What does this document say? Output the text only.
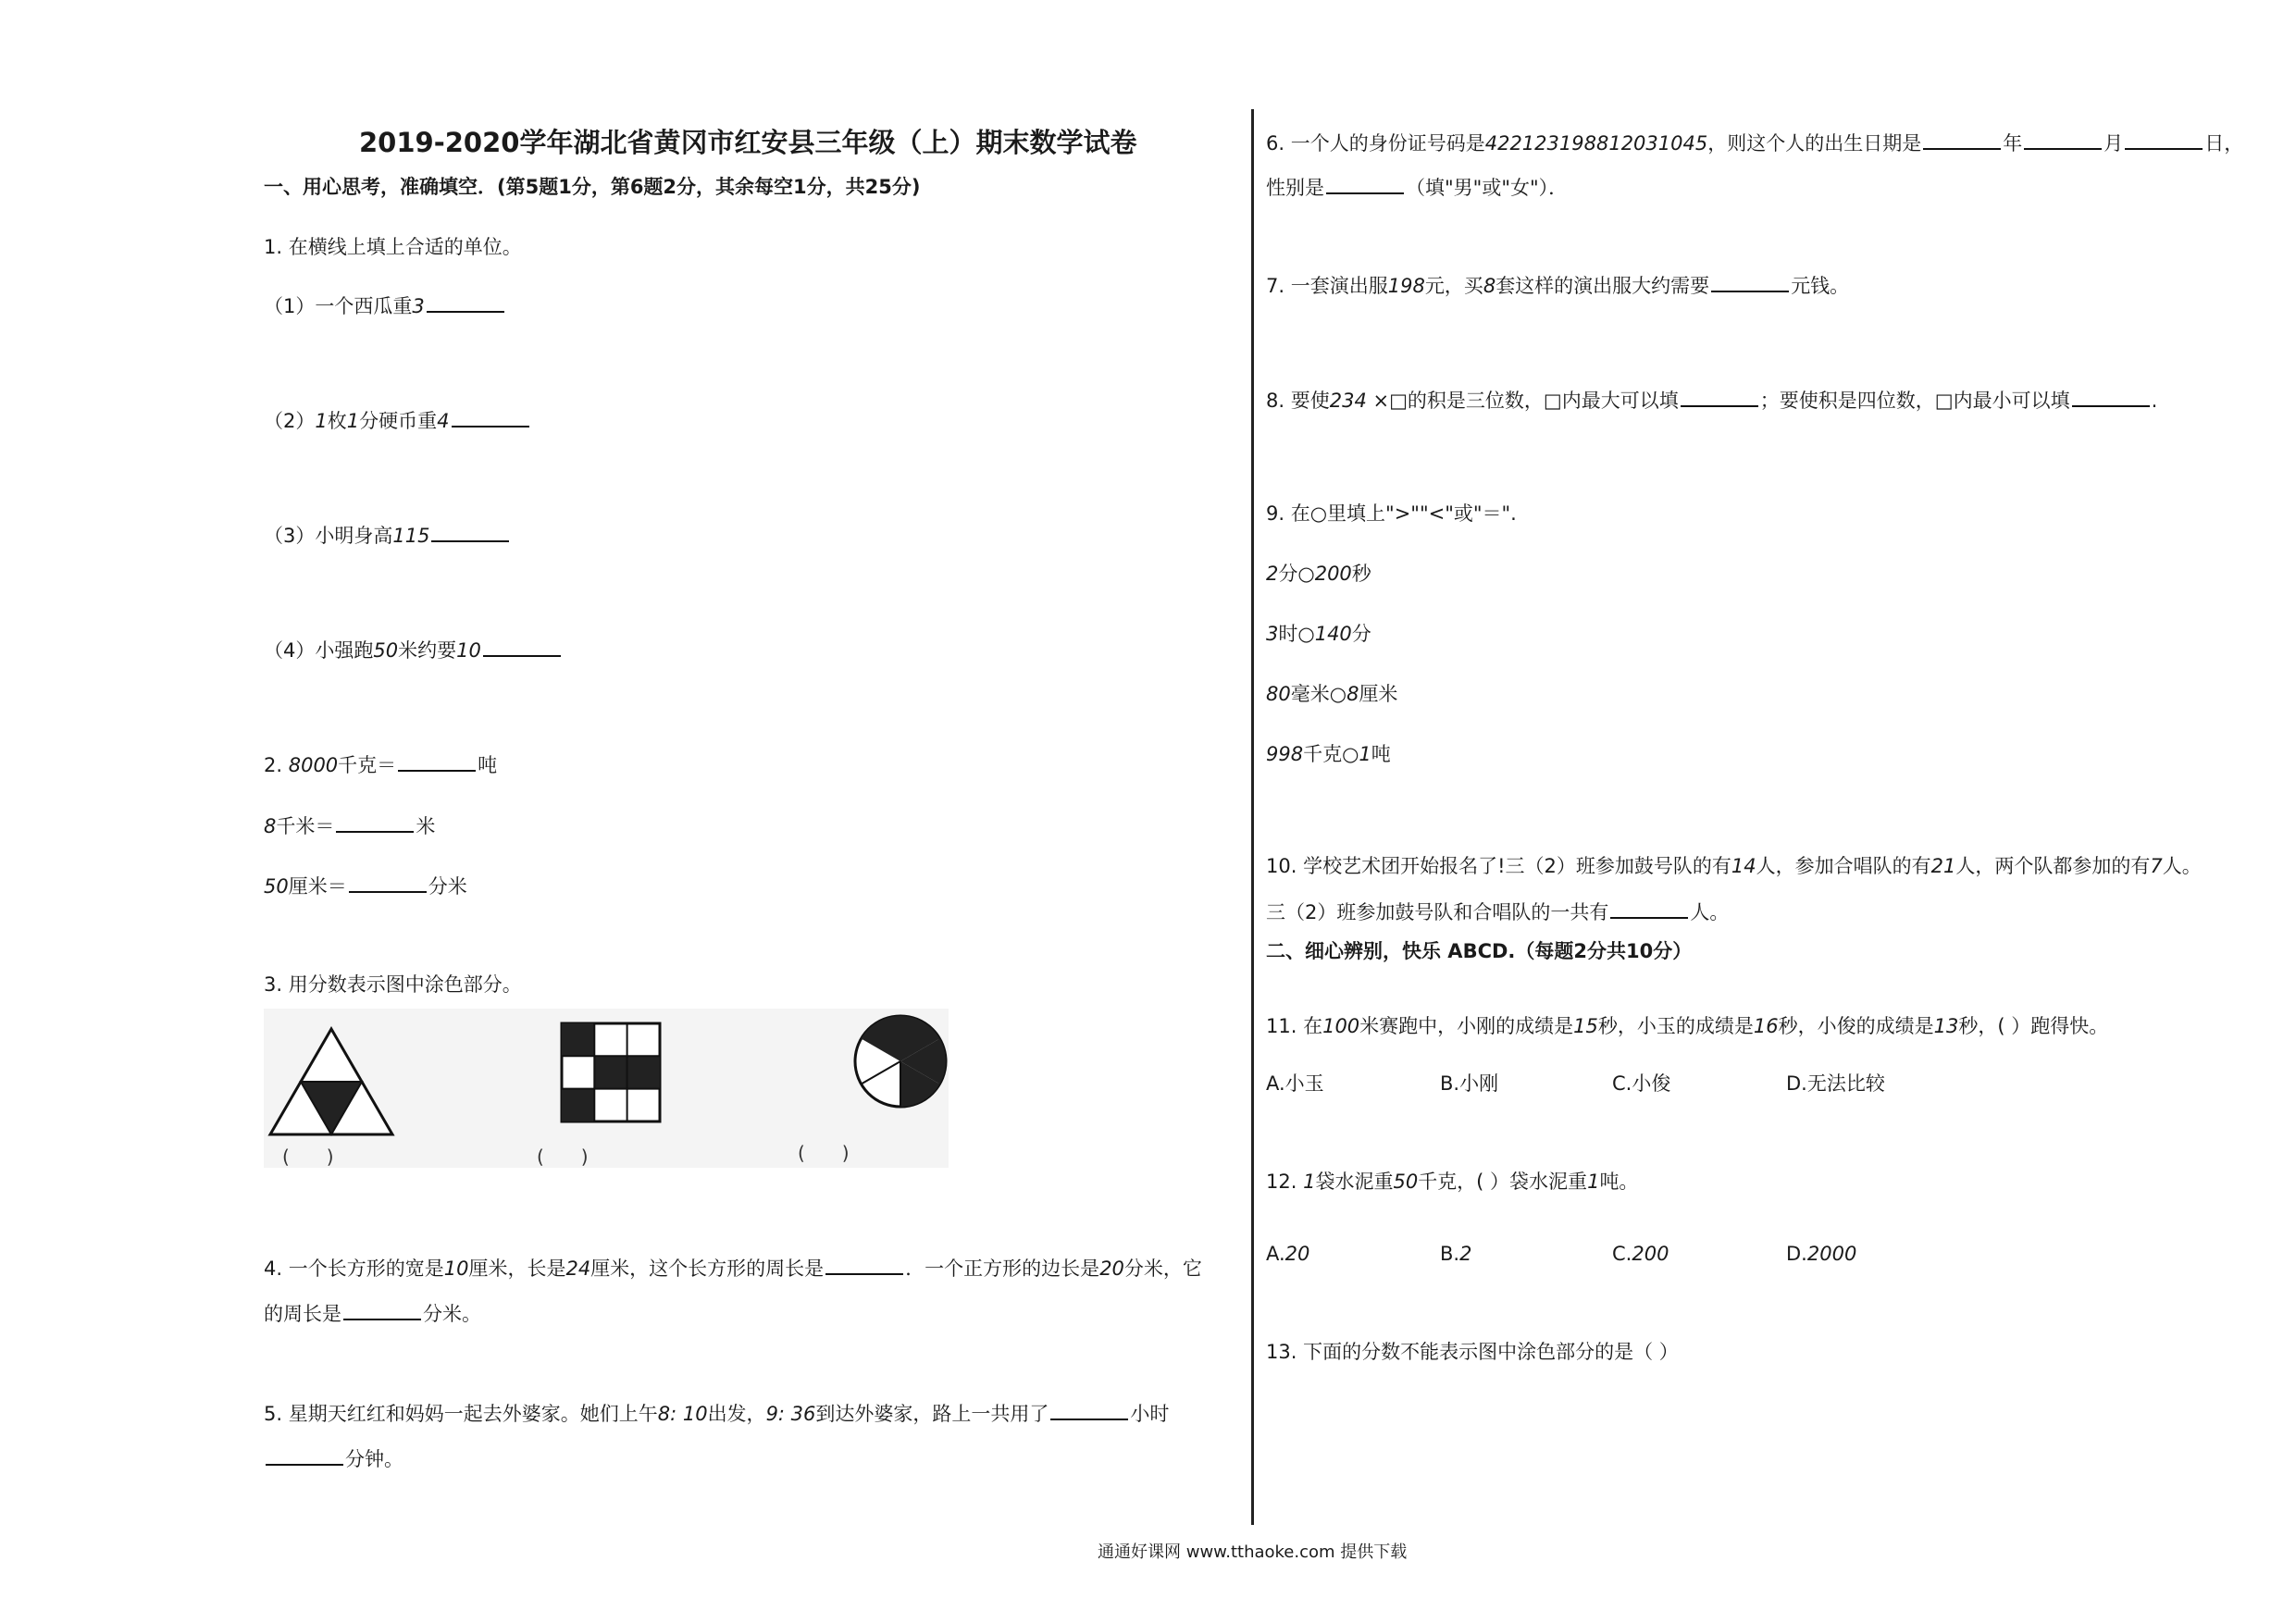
2019-2020学年湖北省黄冈市红安县三年级（上）期末数学试卷
一、用心思考，准确填空．(第5题1分，第6题2分，其余每空1分，共25分)
1. 在横线上填上合适的单位。
（1）一个西瓜重3
（2）1枚1分硬币重4
（3）小明身高115
（4）小强跑50米约要10
2. 8000千克＝	吨
8千米＝	米
50厘米＝	分米
3. 用分数表示图中涂色部分。
(　　)	(　　)	(　　)
4. 一个长方形的宽是10厘米，长是24厘米，这个长方形的周长是	．一个正方形的边长是20分米，它
的周长是	分米。
5. 星期天红红和妈妈一起去外婆家。她们上午8: 10出发，9: 36到达外婆家，路上一共用了	小时
分钟。
6. 一个人的身份证号码是422123198812031045，则这个人的出生日期是	年	月	日，
性别是	（填"男"或"女"）．
7. 一套演出服198元，买8套这样的演出服大约需要	元钱。
8. 要使234 ×□的积是三位数，□内最大可以填	；要使积是四位数，□内最小可以填	.
9. 在○里填上">""<"或"＝".
2分○200秒
3时○140分
80毫米○8厘米
998千克○1吨
10. 学校艺术团开始报名了!三（2）班参加鼓号队的有14人，参加合唱队的有21人，两个队都参加的有7人。
三（2）班参加鼓号队和合唱队的一共有	人。
二、细心辨别，快乐 ABCD.（每题2分共10分）
11. 在100米赛跑中，小刚的成绩是15秒，小玉的成绩是16秒，小俊的成绩是13秒，( ）跑得快。
A.小玉	B.小刚	C.小俊	D.无法比较
12. 1袋水泥重50千克，( ）袋水泥重1吨。
A.20	B.2	C.200	D.2000
13. 下面的分数不能表示图中涂色部分的是（ ）
通通好课网 www.tthaoke.com 提供下载
